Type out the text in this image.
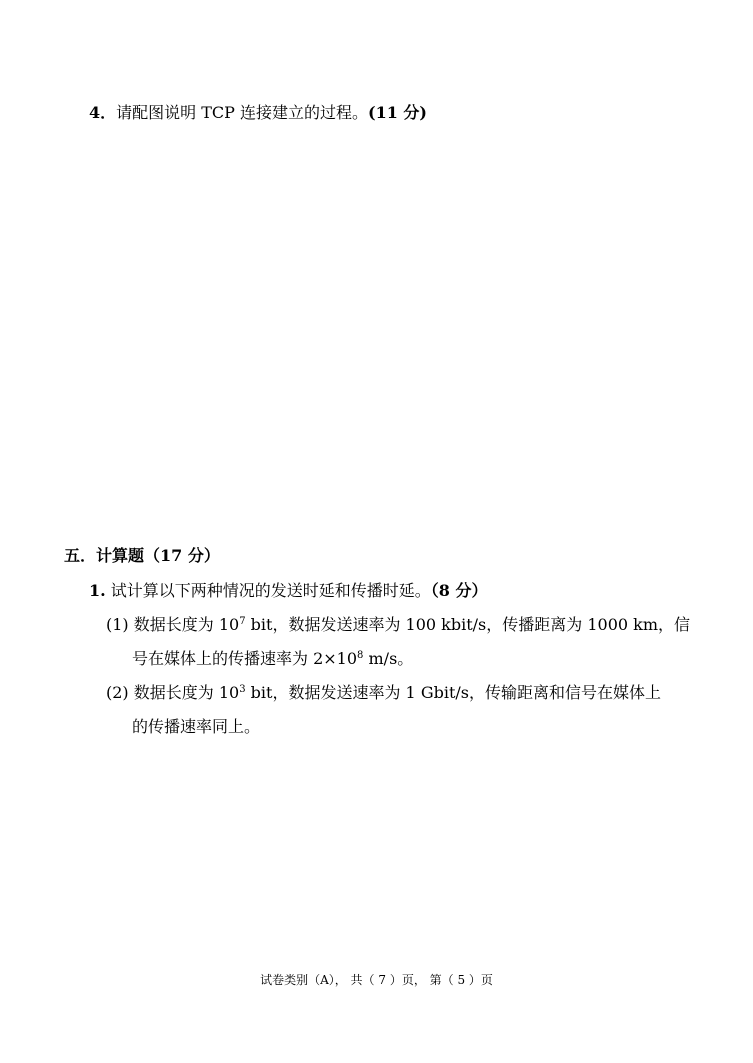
4．请配图说明 TCP 连接建立的过程。(11 分)
五．计算题（17 分）
1. 试计算以下两种情况的发送时延和传播时延。（8 分）
(1) 数据长度为 $10^7$ bit，数据发送速率为 100 kbit/s，传播距离为 1000 km，信
号在媒体上的传播速率为 $2\times 10^8$ m/s。
(2) 数据长度为 $10^3$ bit，数据发送速率为 1 Gbit/s，传输距离和信号在媒体上
的传播速率同上。
试卷类别（A）， 共（ 7 ）页， 第（ 5 ）页
